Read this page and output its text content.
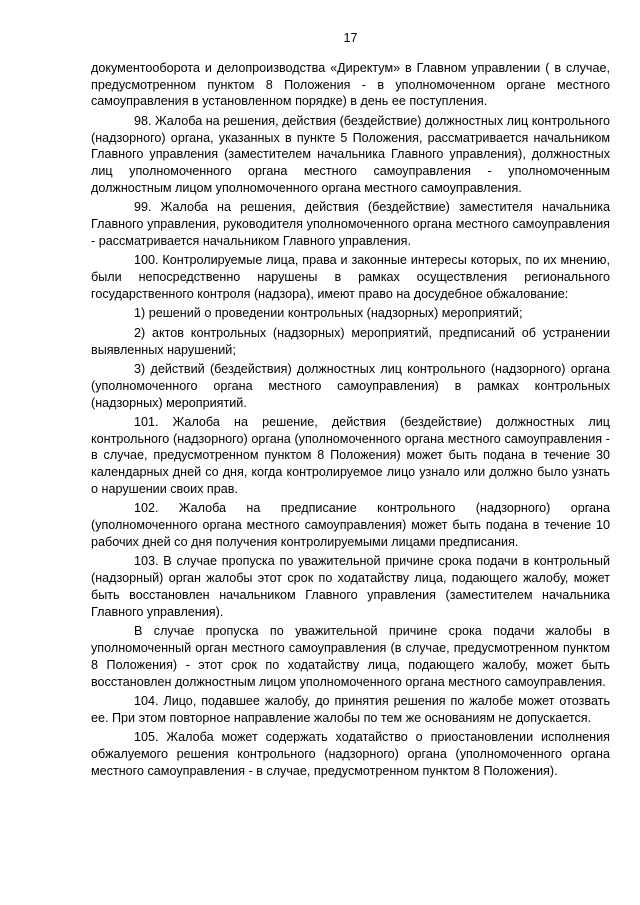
17

документооборота и делопроизводства «Директум» в Главном управлении ( в случае, предусмотренном пунктом 8 Положения - в уполномоченном органе местного самоуправления в установленном порядке) в день ее поступления.

98. Жалоба на решения, действия (бездействие) должностных лиц контрольного (надзорного) органа, указанных в пункте 5 Положения, рассматривается начальником Главного управления (заместителем начальника Главного управления), должностных лиц уполномоченного органа местного самоуправления - уполномоченным должностным лицом уполномоченного органа местного самоуправления.

99. Жалоба на решения, действия (бездействие) заместителя начальника Главного управления, руководителя уполномоченного органа местного самоуправления - рассматривается начальником Главного управления.

100. Контролируемые лица, права и законные интересы которых, по их мнению, были непосредственно нарушены в рамках осуществления регионального государственного контроля (надзора), имеют право на досудебное обжалование:

1) решений о проведении контрольных (надзорных) мероприятий;

2) актов контрольных (надзорных) мероприятий, предписаний об устранении выявленных нарушений;

3) действий (бездействия) должностных лиц контрольного (надзорного) органа (уполномоченного органа местного самоуправления) в рамках контрольных (надзорных) мероприятий.

101. Жалоба на решение, действия (бездействие) должностных лиц контрольного (надзорного) органа (уполномоченного органа местного самоуправления - в случае, предусмотренном пунктом 8 Положения) может быть подана в течение 30 календарных дней со дня, когда контролируемое лицо узнало или должно было узнать о нарушении своих прав.

102. Жалоба на предписание контрольного (надзорного) органа (уполномоченного органа местного самоуправления) может быть подана в течение 10 рабочих дней со дня получения контролируемыми лицами предписания.

103. В случае пропуска по уважительной причине срока подачи в контрольный (надзорный) орган жалобы этот срок по ходатайству лица, подающего жалобу, может быть восстановлен начальником Главного управления (заместителем начальника Главного управления).

В случае пропуска по уважительной причине срока подачи жалобы в уполномоченный орган местного самоуправления (в случае, предусмотренном пунктом 8 Положения) - этот срок по ходатайству лица, подающего жалобу, может быть восстановлен должностным лицом уполномоченного органа местного самоуправления.

104. Лицо, подавшее жалобу, до принятия решения по жалобе может отозвать ее. При этом повторное направление жалобы по тем же основаниям не допускается.

105. Жалоба может содержать ходатайство о приостановлении исполнения обжалуемого решения контрольного (надзорного) органа (уполномоченного органа местного самоуправления - в случае, предусмотренном пунктом 8 Положения).
